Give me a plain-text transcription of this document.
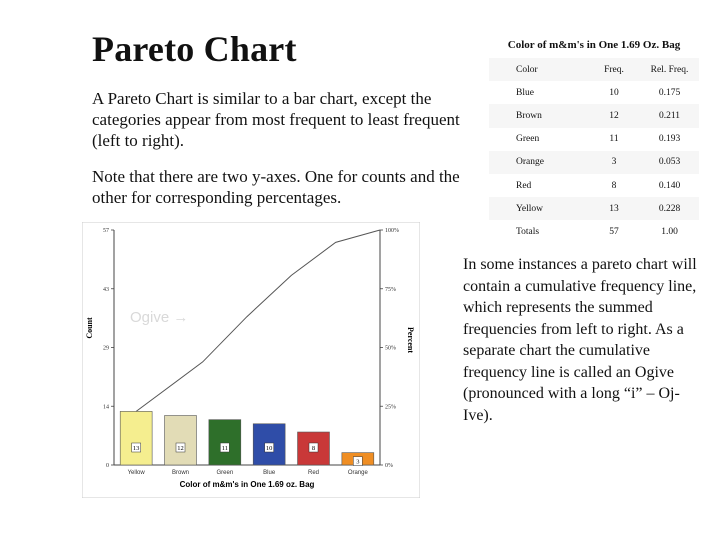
Pareto Chart
A Pareto Chart is similar to a bar chart, except the categories appear from most frequent to least frequent (left to right).
Note that there are two y-axes. One for counts and the other for corresponding percentages.
Color of m&m's in One 1.69 Oz. Bag
Color	Freq.	Rel. Freq.
Blue	10	0.175
Brown	12	0.211
Green	11	0.193
Orange	3	0.053
Red	8	0.140
Yellow	13	0.228
Totals	57	1.00
13	12	11	10	8
3
0
14
29
43
57
0%
25%
50%
75%
100%
Yellow	Brown	Green	Blue	Red	Orange
Ogive →
Color of m&m's in One 1.69 oz. Bag
Count	Percent
In some instances a pareto chart will contain a cumulative frequency line, which represents the summed frequencies from left to right. As a separate chart the cumulative frequency line is called an Ogive (pronounced with a long “i” – Oj-Ive).
